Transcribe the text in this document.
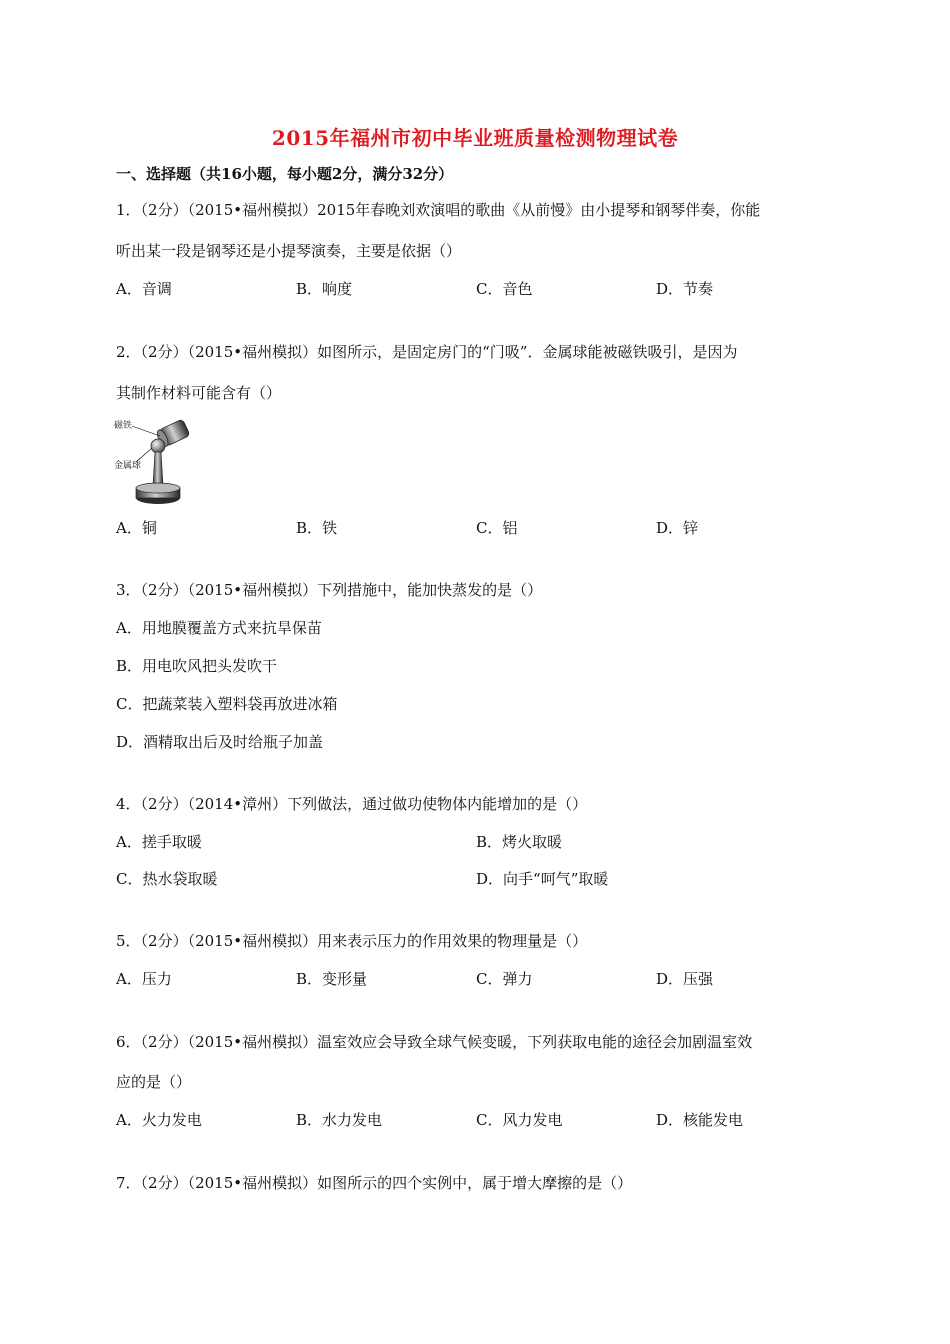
2015年福州市初中毕业班质量检测物理试卷
一、选择题（共16小题，每小题2分，满分32分）
1．（2分）（2015•福州模拟）2015年春晚刘欢演唱的歌曲《从前慢》由小提琴和钢琴伴奏，你能
听出某一段是钢琴还是小提琴演奏，主要是依据（）
A．音调	B．响度	C．音色	D．节奏
2．（2分）（2015•福州模拟）如图所示，是固定房门的“门吸”．金属球能被磁铁吸引，是因为
其制作材料可能含有（）
磁铁
金属球
A．铜	B．铁	C．铝	D．锌
3．（2分）（2015•福州模拟）下列措施中，能加快蒸发的是（）
A．用地膜覆盖方式来抗旱保苗
B．用电吹风把头发吹干
C．把蔬菜装入塑料袋再放进冰箱
D．酒精取出后及时给瓶子加盖
4．（2分）（2014•漳州）下列做法，通过做功使物体内能增加的是（）
A．搓手取暖	B．烤火取暖
C．热水袋取暖	D．向手“呵气”取暖
5．（2分）（2015•福州模拟）用来表示压力的作用效果的物理量是（）
A．压力	B．变形量	C．弹力	D．压强
6．（2分）（2015•福州模拟）温室效应会导致全球气候变暖，下列获取电能的途径会加剧温室效
应的是（）
A．火力发电	B．水力发电	C．风力发电	D．核能发电
7．（2分）（2015•福州模拟）如图所示的四个实例中，属于增大摩擦的是（）
